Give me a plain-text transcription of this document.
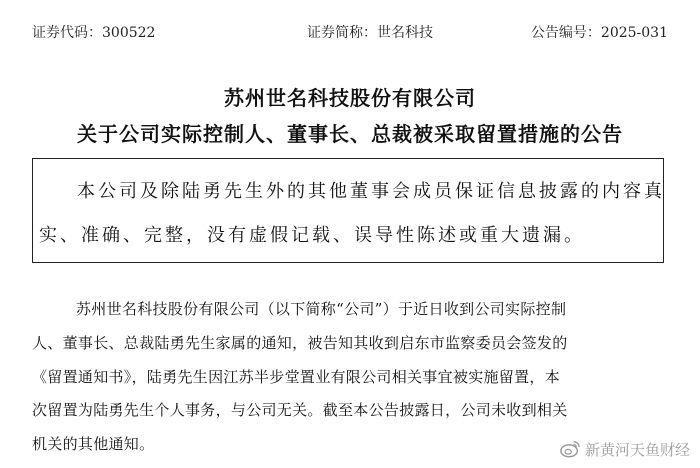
证券代码：300522	证券简称：世名科技	公告编号：2025-031
苏州世名科技股份有限公司
关于公司实际控制人、董事长、总裁被采取留置措施的公告
本公司及除陆勇先生外的其他董事会成员保证信息披露的内容真
实、准确、完整，没有虚假记载、误导性陈述或重大遗漏。
苏州世名科技股份有限公司（以下简称“公司”）于近日收到公司实际控制
人、董事长、总裁陆勇先生家属的通知，被告知其收到启东市监察委员会签发的
《留置通知书》，陆勇先生因江苏半步堂置业有限公司相关事宜被实施留置，本
次留置为陆勇先生个人事务，与公司无关。截至本公告披露日，公司未收到相关
机关的其他通知。	新黄河天鱼财经
